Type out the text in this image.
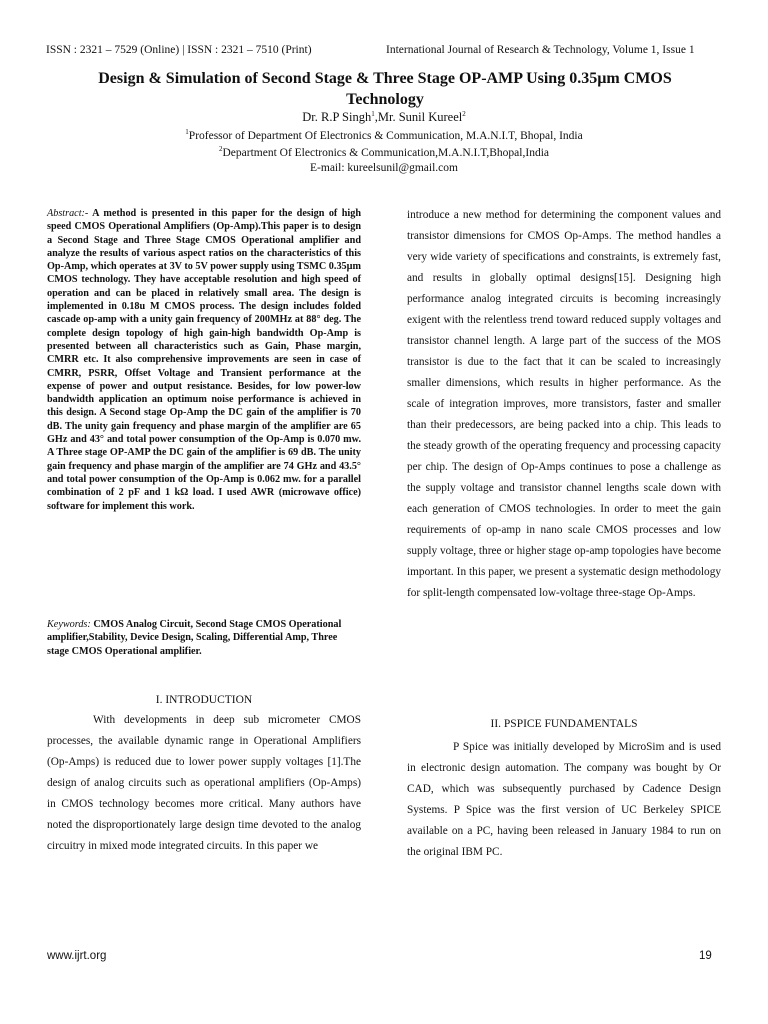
ISSN : 2321 – 7529 (Online) | ISSN : 2321 – 7510 (Print)	International Journal of Research & Technology, Volume 1, Issue 1
Design & Simulation of Second Stage & Three Stage OP-AMP Using 0.35µm CMOS Technology
Dr. R.P Singh$^1$,Mr. Sunil Kureel$^2$
$^1$Professor of Department Of Electronics & Communication, M.A.N.I.T, Bhopal, India
$^2$Department Of Electronics & Communication,M.A.N.I.T,Bhopal,India
E-mail: kureelsunil@gmail.com
Abstract:- A method is presented in this paper for the design of high speed CMOS Operational Amplifiers (Op-Amp).This paper is to design a Second Stage and Three Stage CMOS Operational amplifier and analyze the results of various aspect ratios on the characteristics of this Op-Amp, which operates at 3V to 5V power supply using TSMC 0.35µm CMOS technology. They have acceptable resolution and high speed of operation and can be placed in relatively small area. The design is implemented in 0.18u M CMOS process. The design includes folded cascade op-amp with a unity gain frequency of 200MHz at 88° deg. The complete design topology of high gain-high bandwidth Op-Amp is presented between all characteristics such as Gain, Phase margin, CMRR etc. It also comprehensive improvements are seen in case of CMRR, PSRR, Offset Voltage and Transient performance at the expense of power and output resistance. Besides, for low power-low bandwidth application an optimum noise performance is achieved in this design. A Second stage Op-Amp the DC gain of the amplifier is 70 dB. The unity gain frequency and phase margin of the amplifier are 65 GHz and 43° and total power consumption of the Op-Amp is 0.070 mw. A Three stage OP-AMP the DC gain of the amplifier is 69 dB. The unity gain frequency and phase margin of the amplifier are 74 GHz and 43.5° and total power consumption of the Op-Amp is 0.062 mw. for a parallel combination of 2 pF and 1 kΩ load. I used AWR (microwave office) software for implement this work.
Keywords: CMOS Analog Circuit, Second Stage CMOS Operational amplifier,Stability, Device Design, Scaling, Differential Amp, Three stage CMOS Operational amplifier.
I. INTRODUCTION
With developments in deep sub micrometer CMOS processes, the available dynamic range in Operational Amplifiers (Op-Amps) is reduced due to lower power supply voltages [1].The design of analog circuits such as operational amplifiers (Op-Amps) in CMOS technology becomes more critical. Many authors have noted the disproportionately large design time devoted to the analog circuitry in mixed mode integrated circuits. In this paper we
introduce a new method for determining the component values and transistor dimensions for CMOS Op-Amps. The method handles a very wide variety of specifications and constraints, is extremely fast, and results in globally optimal designs[15]. Designing high performance analog integrated circuits is becoming increasingly exigent with the relentless trend toward reduced supply voltages and transistor channel length. A large part of the success of the MOS transistor is due to the fact that it can be scaled to increasingly smaller dimensions, which results in higher performance. As the scale of integration improves, more transistors, faster and smaller than their predecessors, are being packed into a chip. This leads to the steady growth of the operating frequency and processing capacity per chip. The design of Op-Amps continues to pose a challenge as the supply voltage and transistor channel lengths scale down with each generation of CMOS technologies. In order to meet the gain requirements of op-amp in nano scale CMOS processes and low supply voltage, three or higher stage op-amp topologies have become important. In this paper, we present a systematic design methodology for split-length compensated low-voltage three-stage Op-Amps.
II. PSPICE FUNDAMENTALS
P Spice was initially developed by MicroSim and is used in electronic design automation. The company was bought by Or CAD, which was subsequently purchased by Cadence Design Systems. P Spice was the first version of UC Berkeley SPICE available on a PC, having been released in January 1984 to run on the original IBM PC.
www.ijrt.org	19
